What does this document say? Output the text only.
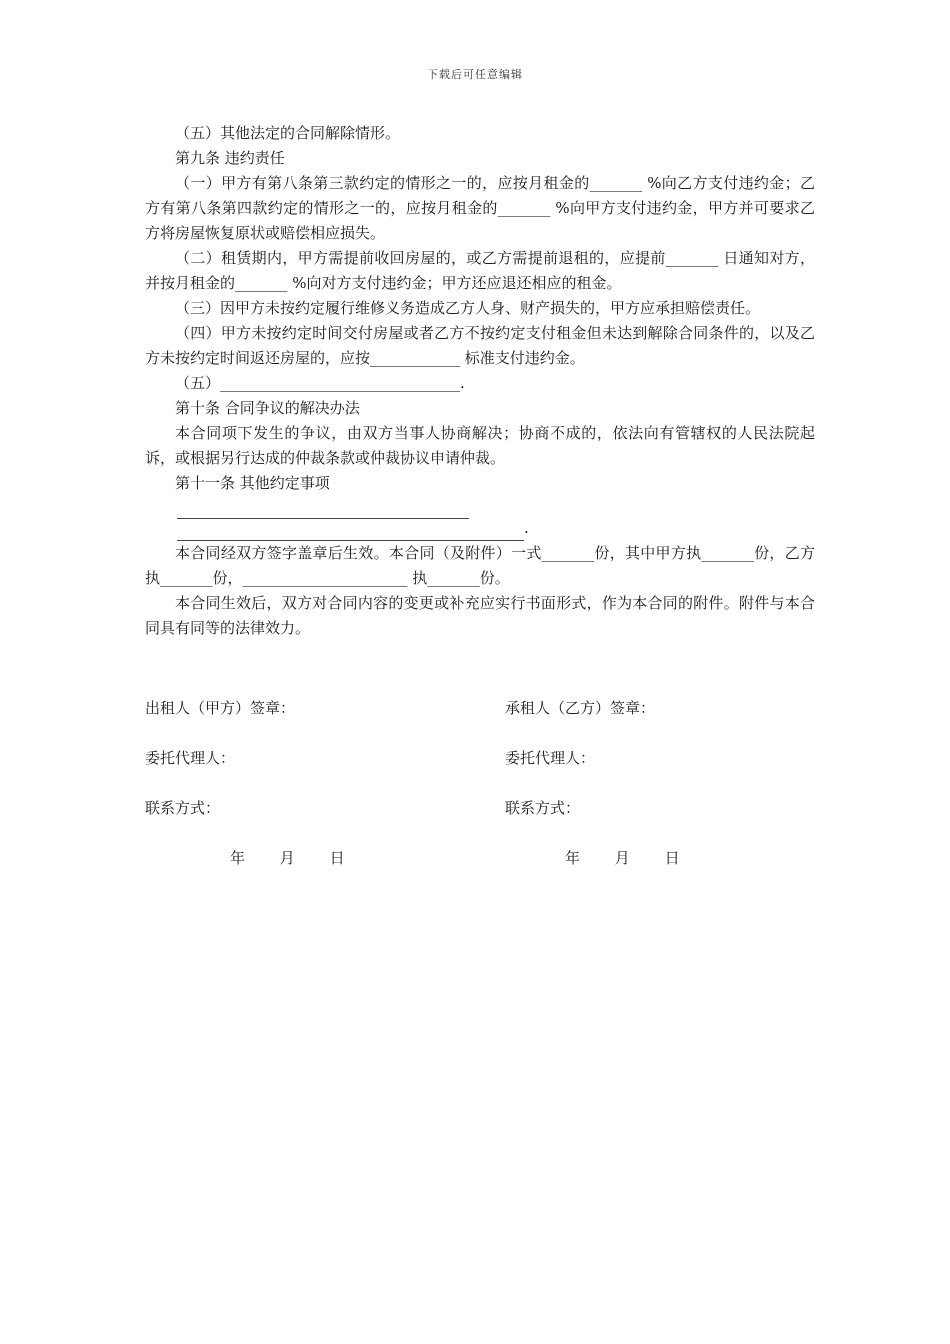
下载后可任意编辑

（五）其他法定的合同解除情形。

第九条 违约责任

（一）甲方有第八条第三款约定的情形之一的，应按月租金的_______ %向乙方支付违约金；乙方有第八条第四款约定的情形之一的，应按月租金的_______ %向甲方支付违约金，甲方并可要求乙方将房屋恢复原状或赔偿相应损失。

（二）租赁期内，甲方需提前收回房屋的，或乙方需提前退租的，应提前_______ 日通知对方，并按月租金的_______ %向对方支付违约金；甲方还应退还相应的租金。

（三）因甲方未按约定履行维修义务造成乙方人身、财产损失的，甲方应承担赔偿责任。

（四）甲方未按约定时间交付房屋或者乙方不按约定支付租金但未达到解除合同条件的，以及乙方未按约定时间返还房屋的，应按____________ 标准支付违约金。

（五）________________________________.

第十条 合同争议的解决办法

本合同项下发生的争议，由双方当事人协商解决；协商不成的，依法向有管辖权的人民法院起诉，或根据另行达成的仲裁条款或仲裁协议申请仲裁。

第十一条 其他约定事项

.

本合同经双方签字盖章后生效。本合同（及附件）一式_______份，其中甲方执_______份，乙方执_______份，______________________ 执_______份。

本合同生效后，双方对合同内容的变更或补充应实行书面形式，作为本合同的附件。附件与本合同具有同等的法律效力。

出租人（甲方）签章：	承租人（乙方）签章：
委托代理人：	委托代理人：
联系方式：	联系方式：
年 月 日	年 月 日
